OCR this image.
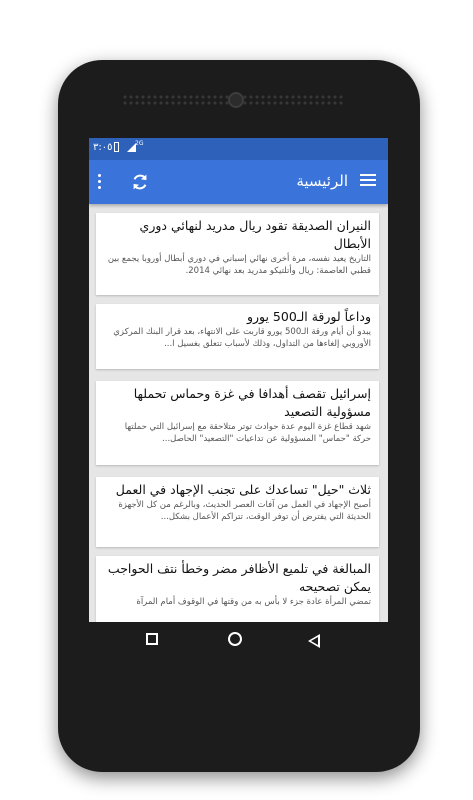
٣:٠٥	2G
الرئيسية

النيران الصديقة تقود ريال مدريد لنهائي دوري الأبطال

التاريخ يعيد نفسه، مرة أخرى نهائي إسباني في دوري أبطال أوروبا يجمع بين قطبي العاصمة: ريال وأتلتيكو مدريد بعد نهائي 2014.

وداعاً لورقة الـ500 يورو

يبدو أن أيام ورقة الـ500 يورو قاربت على الانتهاء، بعد قرار البنك المركزي الأوروبي إلغاءها من التداول، وذلك لأسباب تتعلق بغسيل ا...

إسرائيل تقصف أهدافا في غزة وحماس تحملها مسؤولية التصعيد

شهد قطاع غزة اليوم عدة حوادث توتر متلاحقة مع إسرائيل التي حملتها حركة "حماس" المسؤولية عن تداعيات "التصعيد" الحاصل...

ثلاث "حيل" تساعدك على تجنب الإجهاد في العمل

أصبح الإجهاد في العمل من آفات العصر الحديث، وبالرغم من كل الأجهزة الحديثة التي يفترض أن توفر الوقت، تتراكم الأعمال بشكل...

المبالغة في تلميع الأظافر مضر وخطأ نتف الحواجب يمكن تصحيحه

تمضي المرأة عادة جزء لا بأس به من وقتها في الوقوف أمام المرآة
